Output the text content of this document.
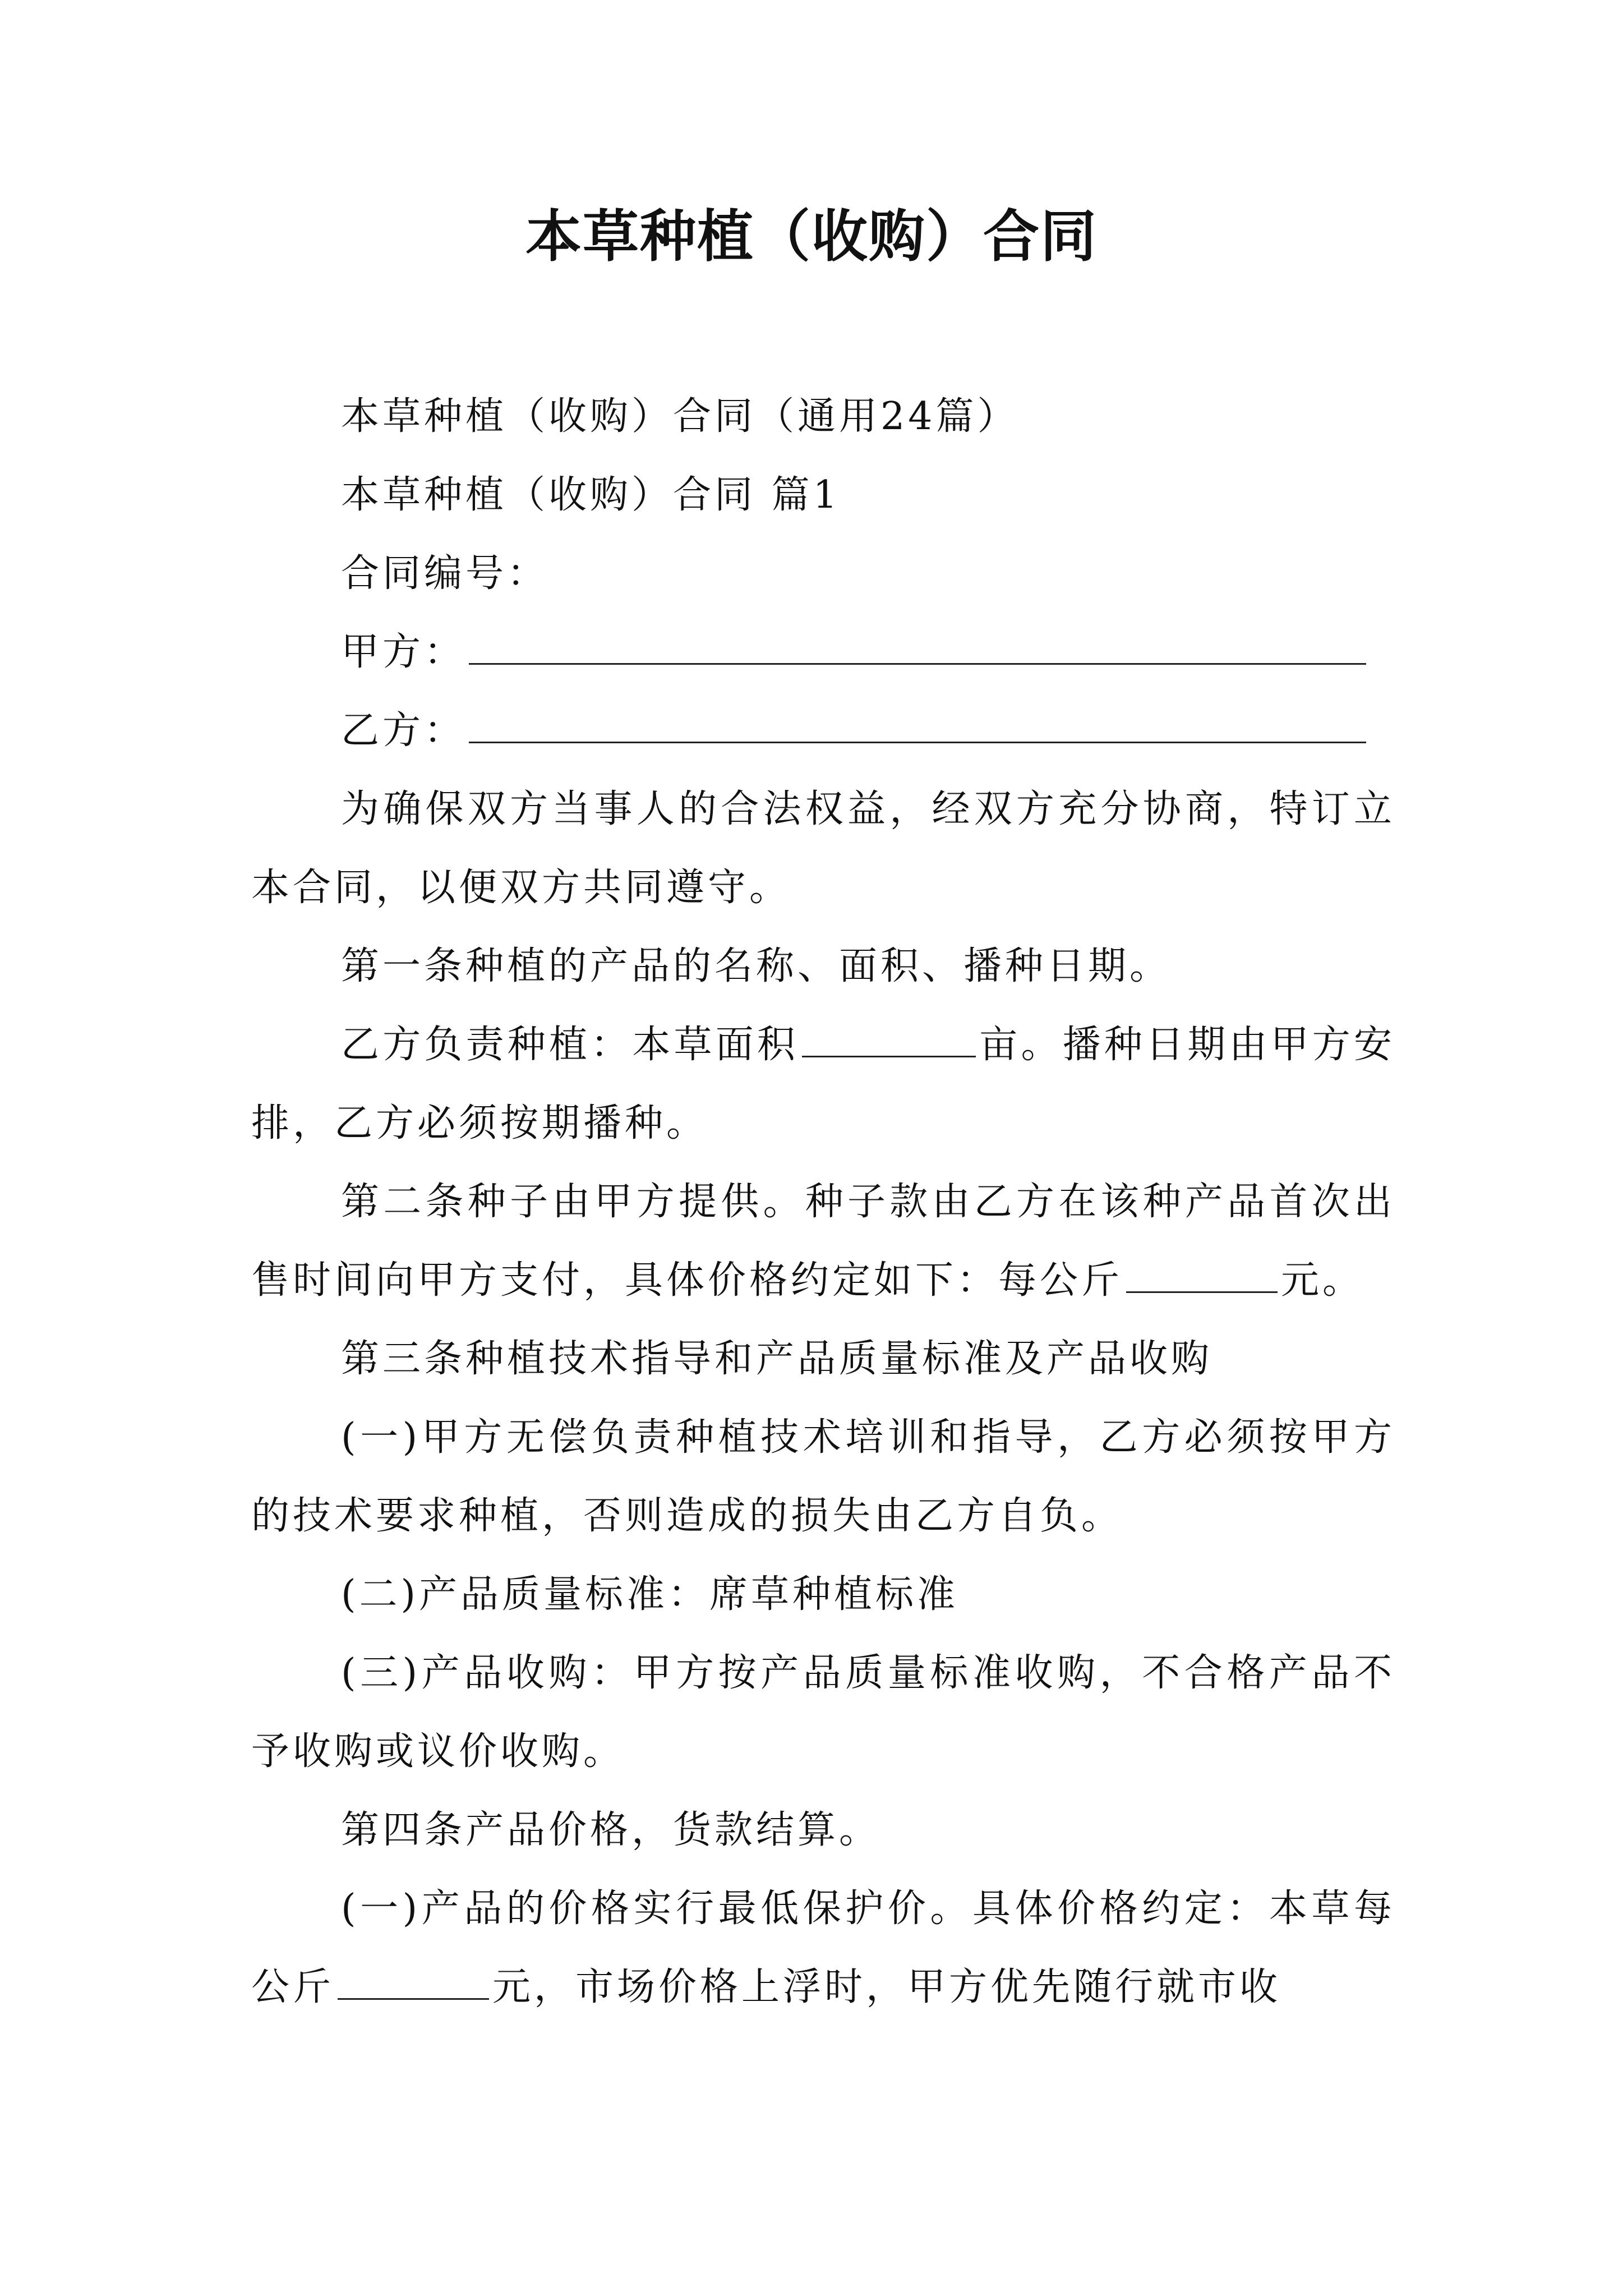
本草种植（收购）合同

本草种植（收购）合同（通用24篇）

本草种植（收购）合同 篇1

合同编号：

甲方：

乙方：

为确保双方当事人的合法权益，经双方充分协商，特订立本合同，以便双方共同遵守。

第一条种植的产品的名称、面积、播种日期。

乙方负责种植：本草面积	亩。播种日期由甲方安排，乙方必须按期播种。

第二条种子由甲方提供。种子款由乙方在该种产品首次出售时间向甲方支付，具体价格约定如下：每公斤	元。

第三条种植技术指导和产品质量标准及产品收购

(一)甲方无偿负责种植技术培训和指导，乙方必须按甲方的技术要求种植，否则造成的损失由乙方自负。

(二)产品质量标准：席草种植标准

(三)产品收购：甲方按产品质量标准收购，不合格产品不予收购或议价收购。

第四条产品价格，货款结算。

(一)产品的价格实行最低保护价。具体价格约定：本草每公斤	元，市场价格上浮时，甲方优先随行就市收
